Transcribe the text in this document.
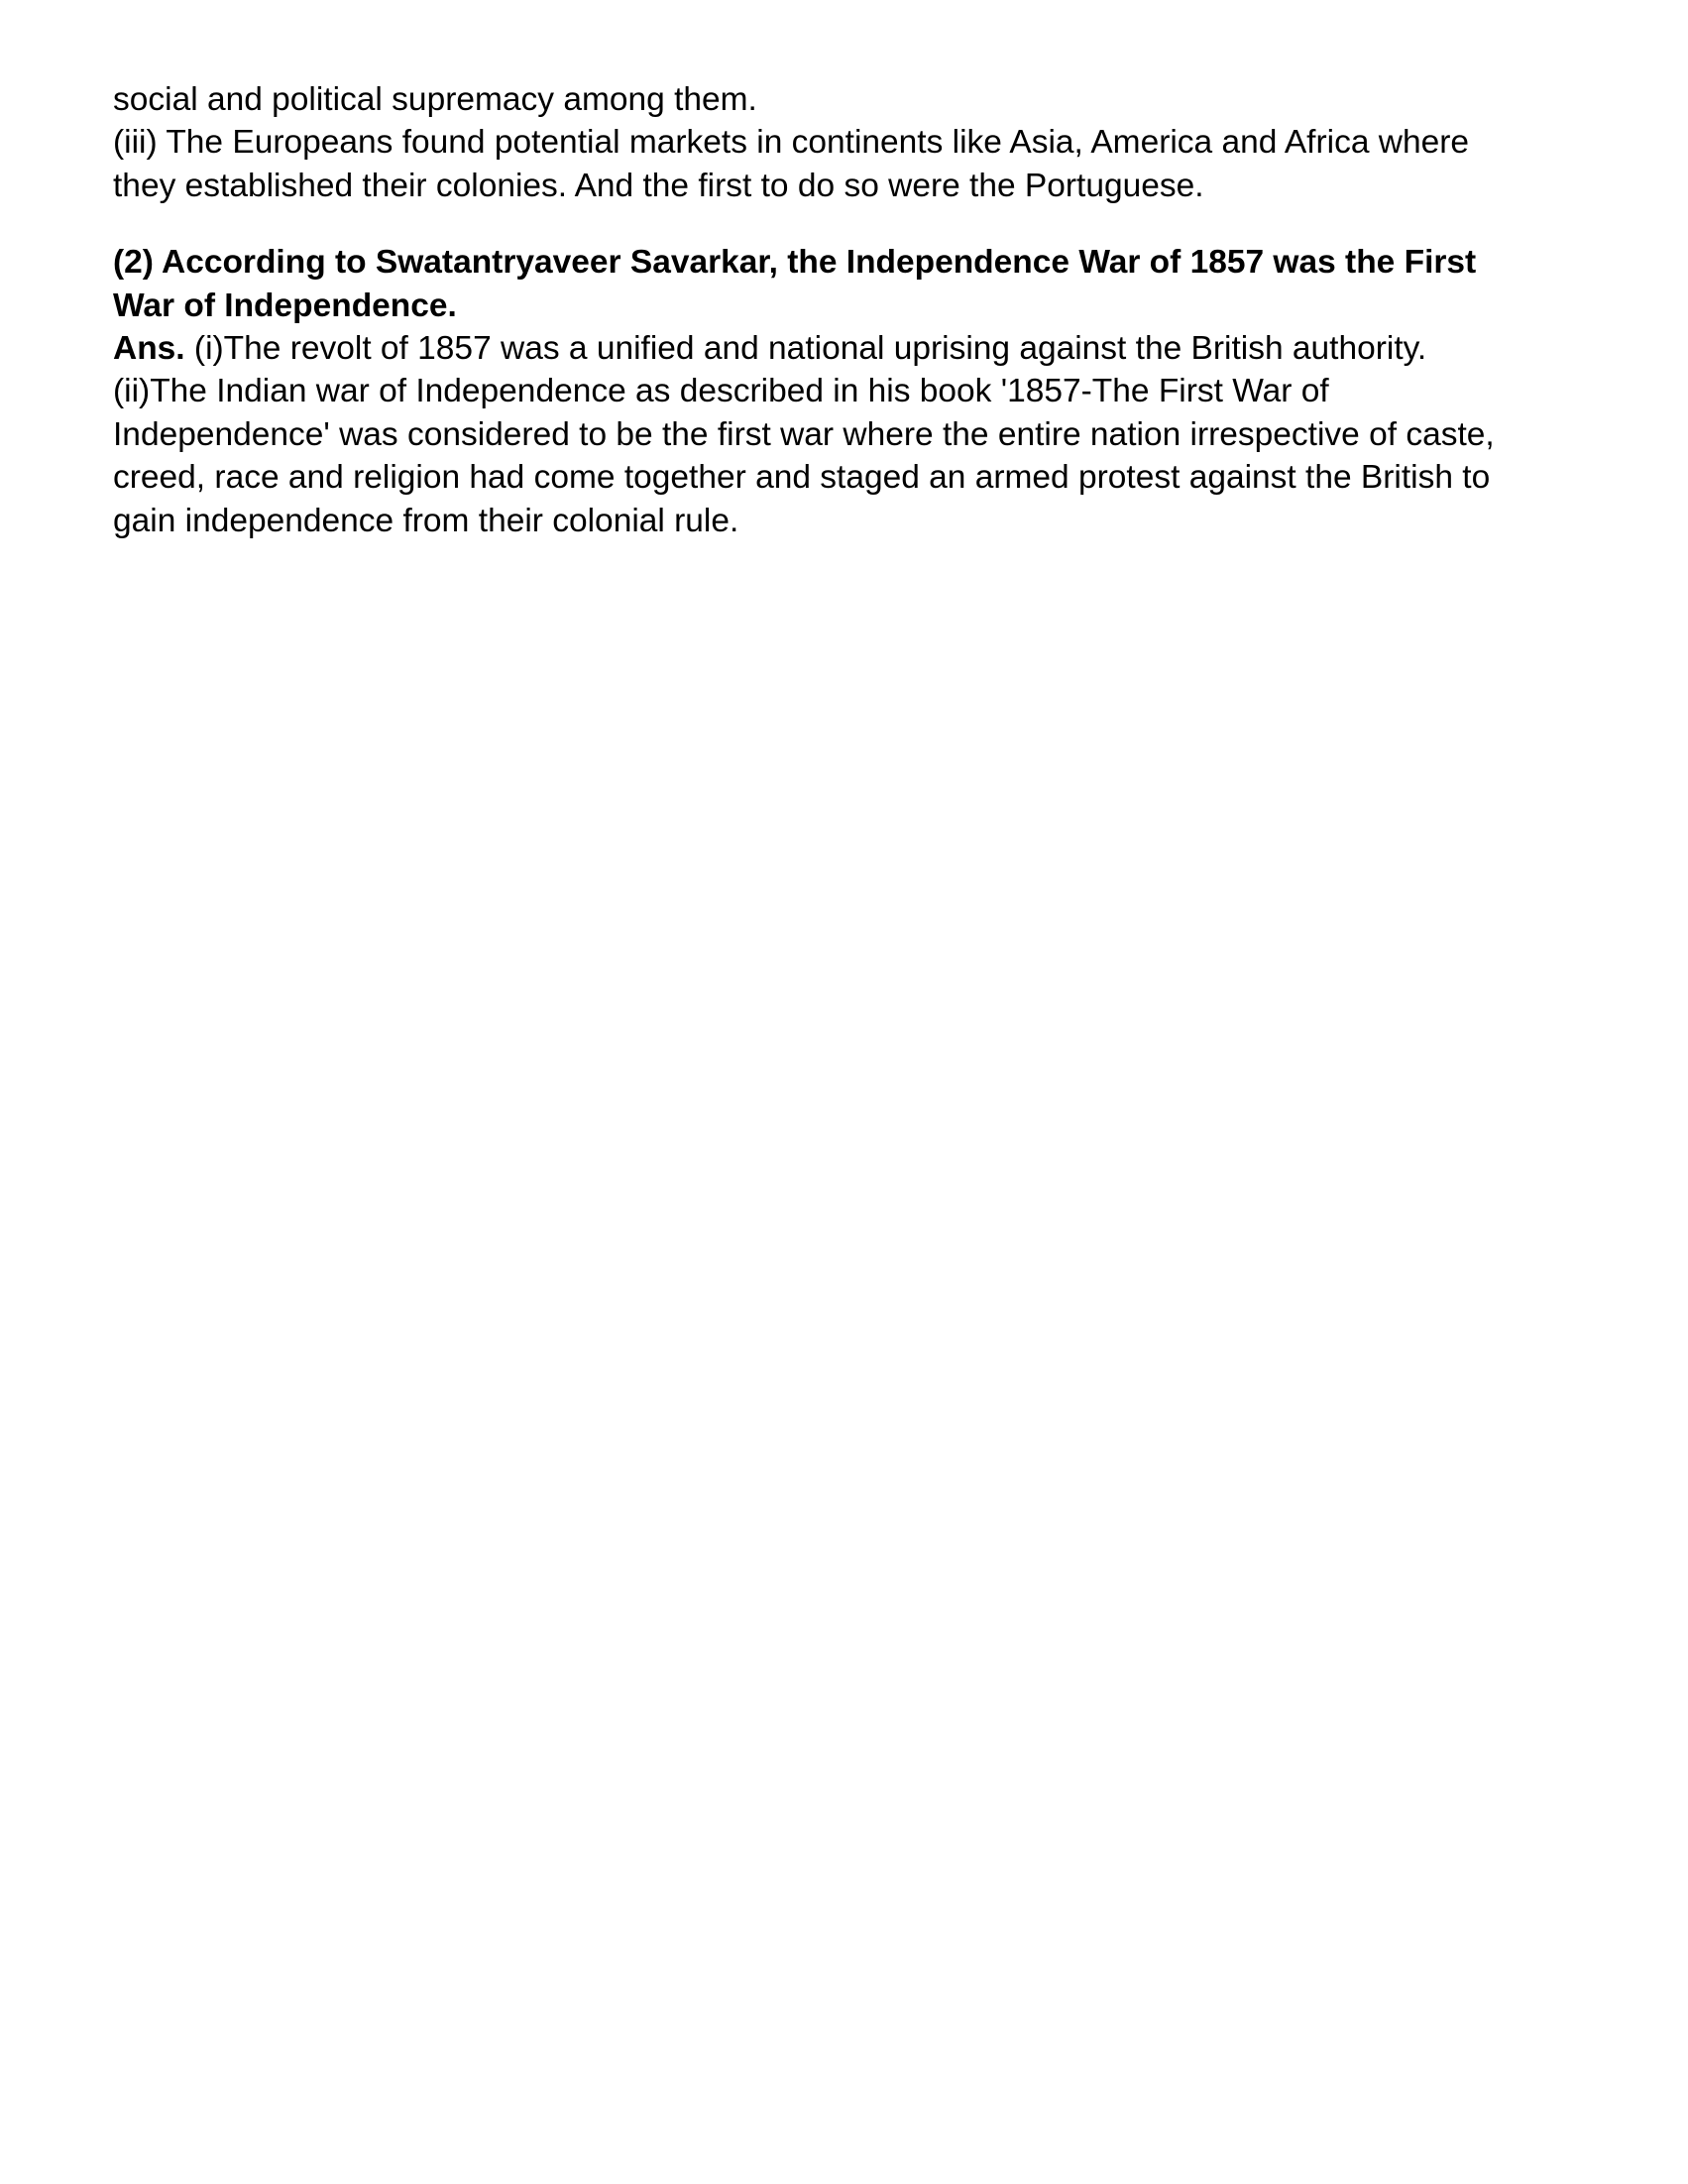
social and political supremacy among them.
(iii) The Europeans found potential markets in continents like Asia, America and Africa where
they established their colonies. And the first to do so were the Portuguese.
(2) According to Swatantryaveer Savarkar, the Independence War of 1857 was the First
War of Independence.
Ans. (i)The revolt of 1857 was a unified and national uprising against the British authority.
(ii)The Indian war of Independence as described in his book '1857-The First War of
Independence' was considered to be the first war where the entire nation irrespective of caste,
creed, race and religion had come together and staged an armed protest against the British to
gain independence from their colonial rule.
